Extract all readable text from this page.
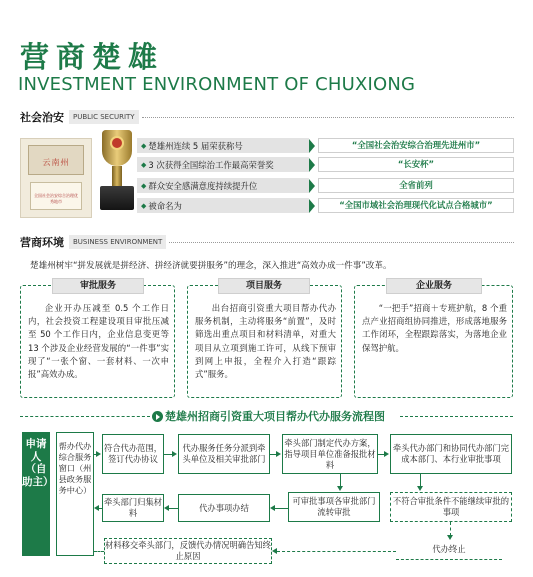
营商楚雄
INVESTMENT ENVIRONMENT OF CHUXIONG
社会治安	PUBLIC SECURITY
云南州
全国社会治安综合治理优秀地市
◆ 楚雄州连续 5 届荣获称号	“全国社会治安综合治理先进州市”
◆ 3 次获得全国综治工作最高荣誉奖	“长安杯”
◆ 群众安全感满意度持续提升位	全省前列
◆ 被命名为	“全国市域社会治理现代化试点合格城市”
营商环境	BUSINESS ENVIRONMENT
楚雄州树牢“拼发展就是拼经济、拼经济就要拼服务”的理念，深入推进“高效办成一件事”改革。
审批服务
企业开办压减至 0.5 个工作日内，社会投资工程建设项目审批压减至 50 个工作日内，企业信息变更等 13 个涉及企业经营发展的“一件事”实现了“一张个窗、一套材料、一次申报”高效办成。
项目服务
出台招商引资重大项目帮办代办服务机制，主动将服务“前置”，及时筛选出重点项目和材料清单，对重大项目从立项到施工许可，从线下预审到网上申报，全程介入打造“跟踪式”服务。
企业服务
“一把手”招商＋专班护航，8 个重点产业招商组协同推进，形成落地服务工作闭环，全程跟踪落实，为落地企业保驾护航。
楚雄州招商引资重大项目帮办代办服务流程图
申请人（自助主）
帮办代办综合服务窗口（州县政务服务中心）
符合代办范围，签订代办协议
代办服务任务分派到牵头单位及相关审批部门
牵头部门制定代办方案，指导项目单位准备报批材料
牵头代办部门和协同代办部门完成本部门、本行业审批事项
牵头部门归集材料
代办事项办结
可审批事项各审批部门流转审批
不符合审批条件不能继续审批的事项
材料移交牵头部门，反馈代办情况明确告知终止原因
代办终止
